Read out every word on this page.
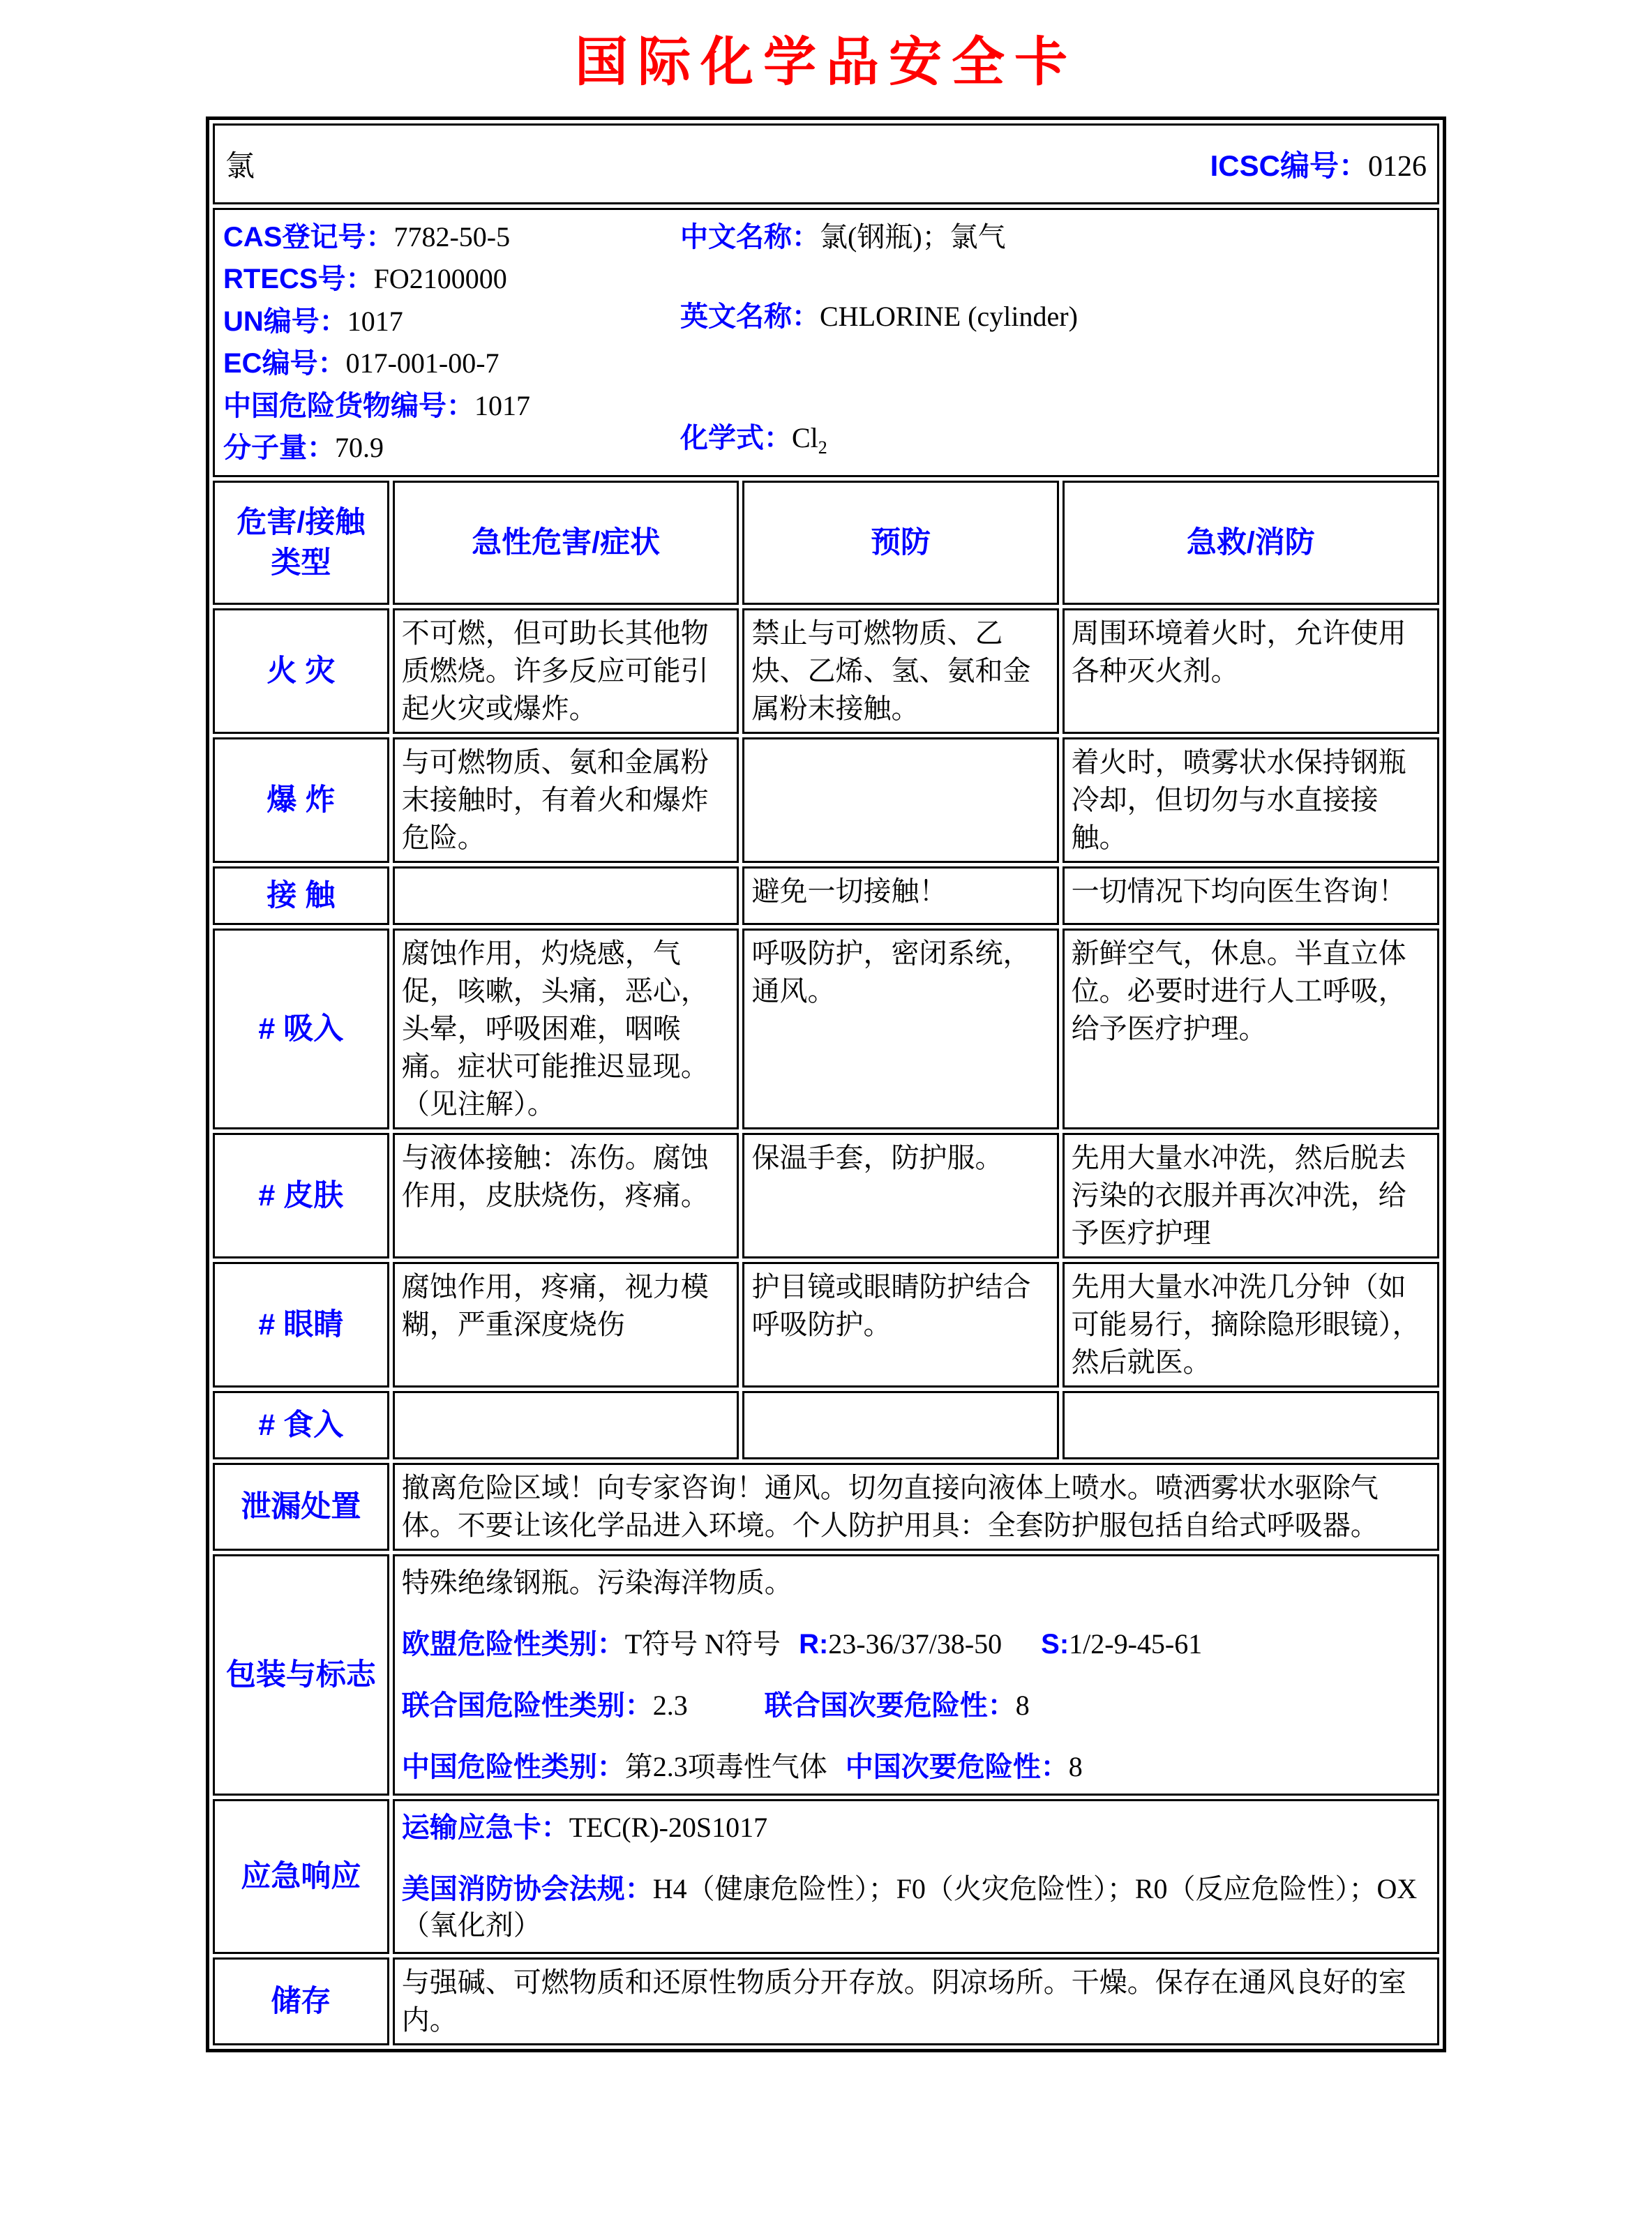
国际化学品安全卡
氯 ICSC编号：0126			

CAS登记号： 7782-50-5
RTECS号： FO2100000
UN编号： 1017
EC编号： 017-001-00-7
中国危险货物编号： 1017
分子量： 70.9
中文名称： 氯(钢瓶)；氯气
英文名称： CHLORINE (cylinder)
化学式： $Cl_2$

危害/接触
类型	急性危害/症状	预防	急救/消防
火 灾	不可燃，但可助长其他物质燃烧。许多反应可能引起火灾或爆炸。	禁止与可燃物质、乙炔、乙烯、氢、氨和金属粉末接触。	周围环境着火时，允许使用各种灭火剂。
爆 炸	与可燃物质、氨和金属粉末接触时，有着火和爆炸危险。		着火时，喷雾状水保持钢瓶冷却，但切勿与水直接接触。
接 触		避免一切接触！	一切情况下均向医生咨询！
# 吸入	腐蚀作用，灼烧感，气促，咳嗽，头痛，恶心，头晕，呼吸困难，咽喉痛。症状可能推迟显现。（见注解）。	呼吸防护，密闭系统，通风。	新鲜空气，休息。半直立体位。必要时进行人工呼吸，给予医疗护理。
# 皮肤	与液体接触：冻伤。腐蚀作用，皮肤烧伤，疼痛。	保温手套，防护服。	先用大量水冲洗，然后脱去污染的衣服并再次冲洗，给予医疗护理
# 眼睛	腐蚀作用，疼痛，视力模糊，严重深度烧伤	护目镜或眼睛防护结合呼吸防护。	先用大量水冲洗几分钟（如可能易行，摘除隐形眼镜），然后就医。
# 食入			
泄漏处置	撤离危险区域！向专家咨询！通风。切勿直接向液体上喷水。喷洒雾状水驱除气体。不要让该化学品进入环境。个人防护用具：全套防护服包括自给式呼吸器。		
包装与标志	特殊绝缘钢瓶。污染海洋物质。
欧盟危险性类别：T符号 N符号 R:23-36/37/38-50 S:1/2-9-45-61
联合国危险性类别：2.3 联合国次要危险性：8
中国危险性类别：第2.3项毒性气体 中国次要危险性：8		

应急响应	运输应急卡：TEC(R)-20S1017
美国消防协会法规：H4（健康危险性）；F0（火灾危险性）；R0（反应危险性）；OX（氧化剂）		

储存	与强碱、可燃物质和还原性物质分开存放。阴凉场所。干燥。保存在通风良好的室内。		
